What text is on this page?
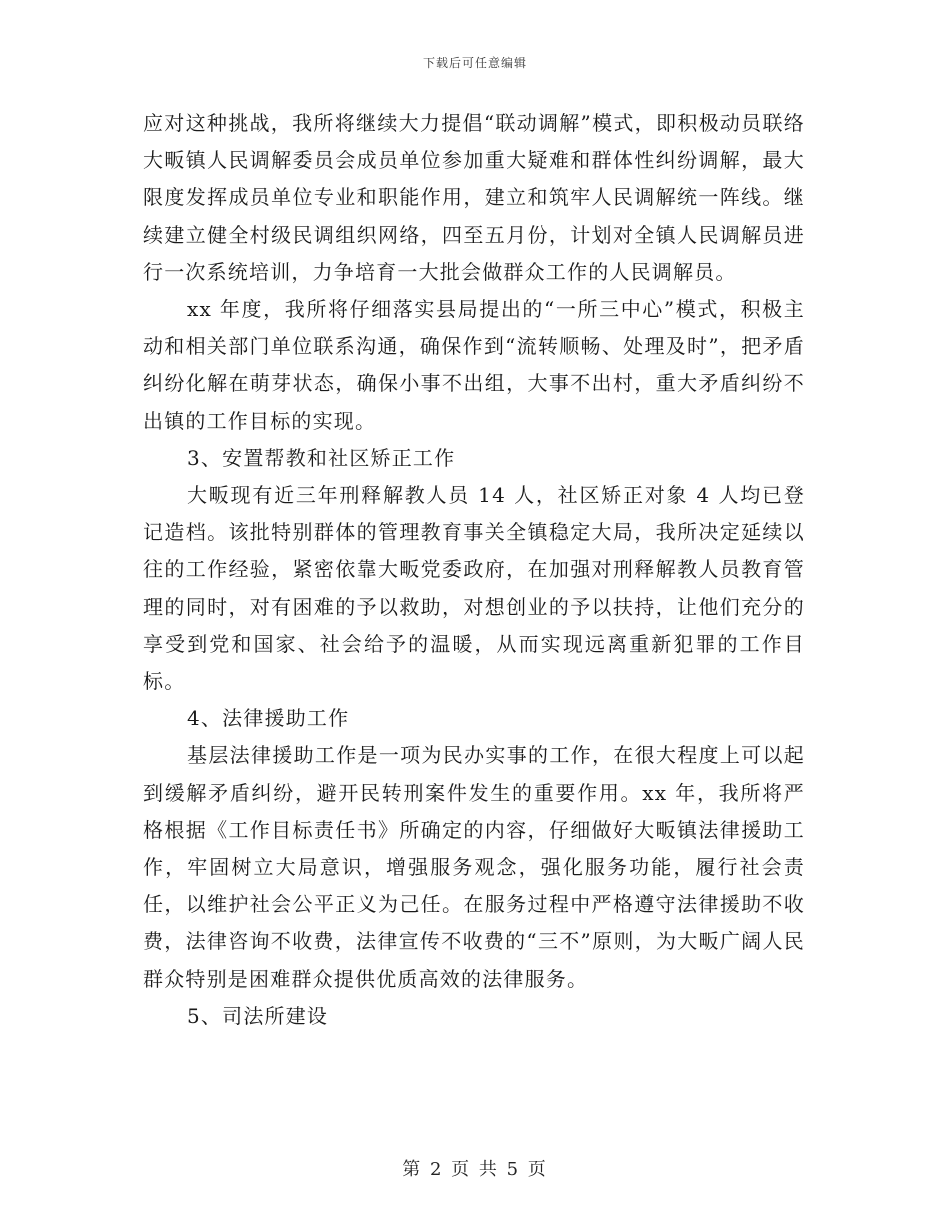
下载后可任意编辑

应对这种挑战，我所将继续大力提倡“联动调解”模式，即积极动员联络大畈镇人民调解委员会成员单位参加重大疑难和群体性纠纷调解，最大限度发挥成员单位专业和职能作用，建立和筑牢人民调解统一阵线。继续建立健全村级民调组织网络，四至五月份，计划对全镇人民调解员进行一次系统培训，力争培育一大批会做群众工作的人民调解员。

xx 年度，我所将仔细落实县局提出的“一所三中心”模式，积极主动和相关部门单位联系沟通，确保作到“流转顺畅、处理及时”，把矛盾纠纷化解在萌芽状态，确保小事不出组，大事不出村，重大矛盾纠纷不出镇的工作目标的实现。

3、安置帮教和社区矫正工作

大畈现有近三年刑释解教人员 14 人，社区矫正对象 4 人均已登记造档。该批特别群体的管理教育事关全镇稳定大局，我所决定延续以往的工作经验，紧密依靠大畈党委政府，在加强对刑释解教人员教育管理的同时，对有困难的予以救助，对想创业的予以扶持，让他们充分的享受到党和国家、社会给予的温暖，从而实现远离重新犯罪的工作目标。

4、法律援助工作

基层法律援助工作是一项为民办实事的工作，在很大程度上可以起到缓解矛盾纠纷，避开民转刑案件发生的重要作用。xx 年，我所将严格根据《工作目标责任书》所确定的内容，仔细做好大畈镇法律援助工作，牢固树立大局意识，增强服务观念，强化服务功能，履行社会责任，以维护社会公平正义为己任。在服务过程中严格遵守法律援助不收费，法律咨询不收费，法律宣传不收费的“三不”原则，为大畈广阔人民群众特别是困难群众提供优质高效的法律服务。

5、司法所建设

第 2 页 共 5 页
